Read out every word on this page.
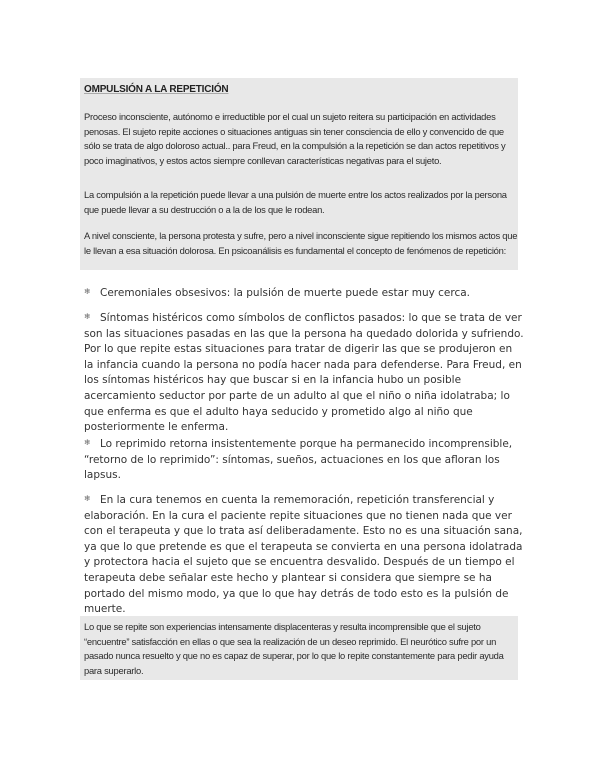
OMPULSIÓN A LA REPETICIÓN

Proceso inconsciente, autónomo e irreductible por el cual un sujeto reitera su participación en actividades penosas. El sujeto repite acciones o situaciones antiguas sin tener consciencia de ello y convencido de que sólo se trata de algo doloroso actual.. para Freud, en la compulsión a la repetición se dan actos repetitivos y poco imaginativos, y estos actos siempre conllevan características negativas para el sujeto.

La compulsión a la repetición puede llevar a una pulsión de muerte entre los actos realizados por la persona que puede llevar a su destrucción o a la de los que le rodean.

A nivel consciente, la persona protesta y sufre, pero a nivel inconsciente sigue repitiendo los mismos actos que le llevan a esa situación dolorosa. En psicoanálisis es fundamental el concepto de fenómenos de repetición:

❄ Ceremoniales obsesivos: la pulsión de muerte puede estar muy cerca.

❄ Síntomas histéricos como símbolos de conflictos pasados: lo que se trata de ver son las situaciones pasadas en las que la persona ha quedado dolorida y sufriendo. Por lo que repite estas situaciones para tratar de digerir las que se produjeron en la infancia cuando la persona no podía hacer nada para defenderse. Para Freud, en los síntomas histéricos hay que buscar si en la infancia hubo un posible acercamiento seductor por parte de un adulto al que el niño o niña idolatraba; lo que enferma es que el adulto haya seducido y prometido algo al niño que posteriormente le enferma.

❄ Lo reprimido retorna insistentemente porque ha permanecido incomprensible, “retorno de lo reprimido”: síntomas, sueños, actuaciones en los que afloran los lapsus.

❄ En la cura tenemos en cuenta la rememoración, repetición transferencial y elaboración. En la cura el paciente repite situaciones que no tienen nada que ver con el terapeuta y que lo trata así deliberadamente. Esto no es una situación sana, ya que lo que pretende es que el terapeuta se convierta en una persona idolatrada y protectora hacia el sujeto que se encuentra desvalido. Después de un tiempo el terapeuta debe señalar este hecho y plantear si considera que siempre se ha portado del mismo modo, ya que lo que hay detrás de todo esto es la pulsión de muerte.

Lo que se repite son experiencias intensamente displacenteras y resulta incomprensible que el sujeto “encuentre” satisfacción en ellas o que sea la realización de un deseo reprimido. El neurótico sufre por un pasado nunca resuelto y que no es capaz de superar, por lo que lo repite constantemente para pedir ayuda para superarlo.
